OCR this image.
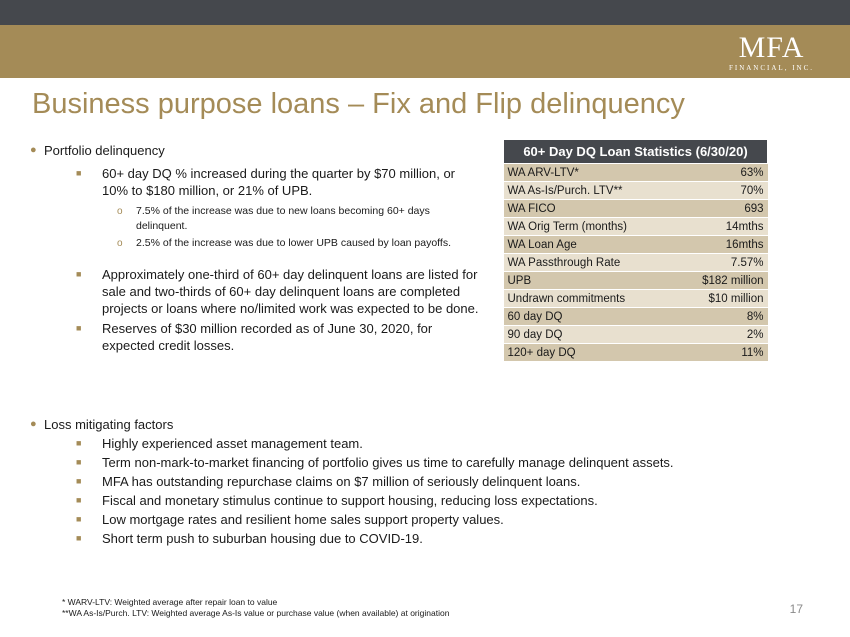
MFA
FINANCIAL, INC.
Business purpose loans – Fix and Flip delinquency
● Portfolio delinquency
■ 60+ day DQ % increased during the quarter by $70 million, or 10% to $180 million, or 21% of UPB.
o 7.5% of the increase was due to new loans becoming 60+ days delinquent.
o 2.5% of the increase was due to lower UPB caused by loan payoffs.
■ Approximately one-third of 60+ day delinquent loans are listed for sale and two-thirds of 60+ day delinquent loans are completed projects or loans where no/limited work was expected to be done.
■ Reserves of $30 million recorded as of June 30, 2020, for expected credit losses.
60+ Day DQ Loan Statistics (6/30/20)	
WA ARV-LTV*	63%
WA As-Is/Purch. LTV**	70%
WA FICO	693
WA Orig Term (months)	14mths
WA Loan Age	16mths
WA Passthrough Rate	7.57%
UPB	$182 million
Undrawn commitments	$10 million
60 day DQ	8%
90 day DQ	2%
120+ day DQ	11%
● Loss mitigating factors
■ Highly experienced asset management team.
■ Term non-mark-to-market financing of portfolio gives us time to carefully manage delinquent assets.
■ MFA has outstanding repurchase claims on $7 million of seriously delinquent loans.
■ Fiscal and monetary stimulus continue to support housing, reducing loss expectations.
■ Low mortgage rates and resilient home sales support property values.
■ Short term push to suburban housing due to COVID-19.
* WARV-LTV: Weighted average after repair loan to value
**WA As-Is/Purch. LTV: Weighted average As-Is value or purchase value (when available) at origination	17
